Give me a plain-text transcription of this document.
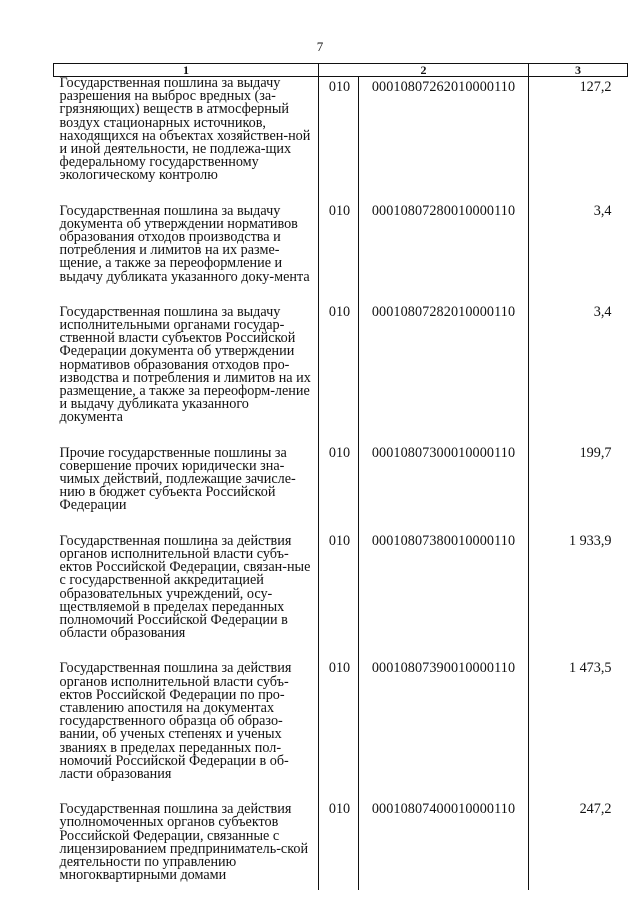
7
1	2		3
Государственная пошлина за выдачу разрешения на выброс вредных (за-грязняющих) веществ в атмосферный воздух стационарных источников, находящихся на объектах хозяйствен-ной и иной деятельности, не подлежа-щих федеральному государственному экологическому контролю	010	00010807262010000110	127,2

Государственная пошлина за выдачу документа об утверждении нормативов образования отходов производства и потребления и лимитов на их разме-щение, а также за переоформление и выдачу дубликата указанного доку-мента	010	00010807280010000110	3,4

Государственная пошлина за выдачу исполнительными органами государ-ственной власти субъектов Российской Федерации документа об утверждении нормативов образования отходов про-изводства и потребления и лимитов на их размещение, а также за переоформ-ление и выдачу дубликата указанного документа	010	00010807282010000110	3,4

Прочие государственные пошлины за совершение прочих юридически зна-чимых действий, подлежащие зачисле-нию в бюджет субъекта Российской Федерации	010	00010807300010000110	199,7

Государственная пошлина за действия органов исполнительной власти субъ-ектов Российской Федерации, связан-ные с государственной аккредитацией образовательных учреждений, осу-ществляемой в пределах переданных полномочий Российской Федерации в области образования	010	00010807380010000110	1 933,9

Государственная пошлина за действия органов исполнительной власти субъ-ектов Российской Федерации по про-ставлению апостиля на документах государственного образца об образо-вании, об ученых степенях и ученых званиях в пределах переданных пол-номочий Российской Федерации в об-ласти образования	010	00010807390010000110	1 473,5

Государственная пошлина за действия уполномоченных органов субъектов Российской Федерации, связанные с лицензированием предприниматель-ской деятельности по управлению многоквартирными домами	010	00010807400010000110	247,2
